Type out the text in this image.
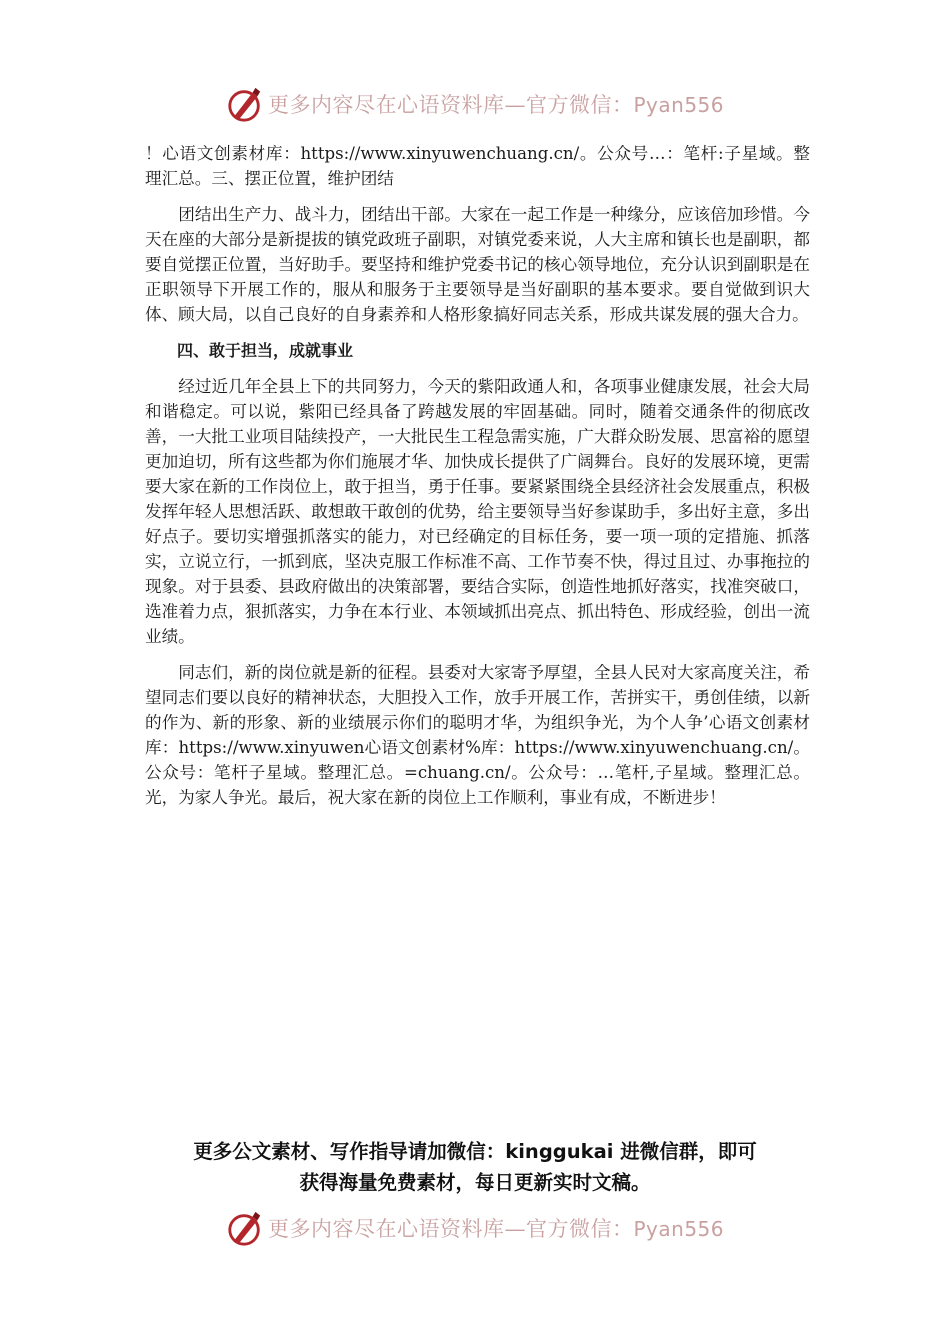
更多内容尽在心语资料库—官方微信：Pyan556

！心语文创素材库：https://www.xinyuwenchuang.cn/。公众号…：笔杆:子星域。整理汇总。三、摆正位置，维护团结

团结出生产力、战斗力，团结出干部。大家在一起工作是一种缘分，应该倍加珍惜。今天在座的大部分是新提拔的镇党政班子副职，对镇党委来说，人大主席和镇长也是副职，都要自觉摆正位置，当好助手。要坚持和维护党委书记的核心领导地位，充分认识到副职是在正职领导下开展工作的，服从和服务于主要领导是当好副职的基本要求。要自觉做到识大体、顾大局，以自己良好的自身素养和人格形象搞好同志关系，形成共谋发展的强大合力。

四、敢于担当，成就事业

经过近几年全县上下的共同努力，今天的紫阳政通人和，各项事业健康发展，社会大局和谐稳定。可以说，紫阳已经具备了跨越发展的牢固基础。同时，随着交通条件的彻底改善，一大批工业项目陆续投产，一大批民生工程急需实施，广大群众盼发展、思富裕的愿望更加迫切，所有这些都为你们施展才华、加快成长提供了广阔舞台。良好的发展环境，更需要大家在新的工作岗位上，敢于担当，勇于任事。要紧紧围绕全县经济社会发展重点，积极发挥年轻人思想活跃、敢想敢干敢创的优势，给主要领导当好参谋助手，多出好主意，多出好点子。要切实增强抓落实的能力，对已经确定的目标任务，要一项一项的定措施、抓落实，立说立行，一抓到底，坚决克服工作标准不高、工作节奏不快，得过且过、办事拖拉的现象。对于县委、县政府做出的决策部署，要结合实际，创造性地抓好落实，找准突破口，选准着力点，狠抓落实，力争在本行业、本领域抓出亮点、抓出特色、形成经验，创出一流业绩。

同志们，新的岗位就是新的征程。县委对大家寄予厚望，全县人民对大家高度关注，希望同志们要以良好的精神状态，大胆投入工作，放手开展工作，苦拼实干，勇创佳绩，以新的作为、新的形象、新的业绩展示你们的聪明才华，为组织争光，为个人争’心语文创素材库：https://www.xinyuwen心语文创素材%库：https://www.xinyuwenchuang.cn/。公众号：笔杆子星域。整理汇总。=chuang.cn/。公众号：…笔杆,子星域。整理汇总。光，为家人争光。最后，祝大家在新的岗位上工作顺利，事业有成，不断进步！

更多公文素材、写作指导请加微信：kinggukai 进微信群，即可
获得海量免费素材，每日更新实时文稿。
更多内容尽在心语资料库—官方微信：Pyan556
